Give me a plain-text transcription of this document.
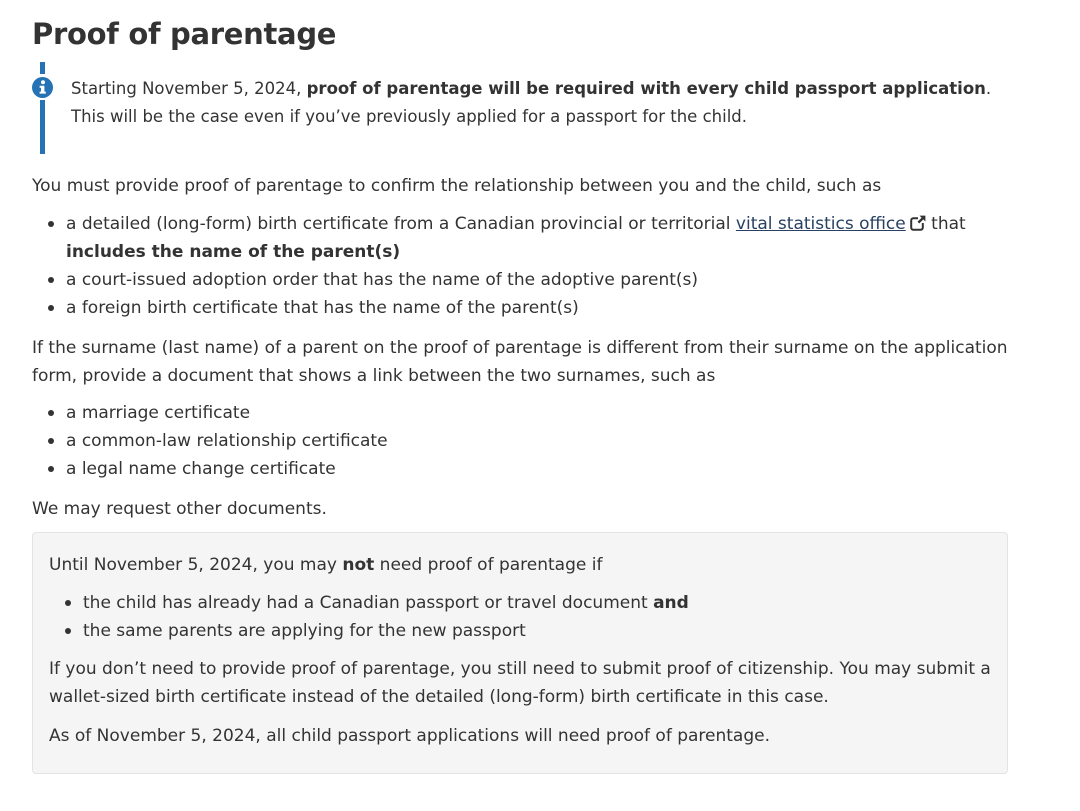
Proof of parentage

Starting November 5, 2024, proof of parentage will be required with every child passport application. This will be the case even if you’ve previously applied for a passport for the child.

You must provide proof of parentage to confirm the relationship between you and the child, such as

a detailed (long-form) birth certificate from a Canadian provincial or territorial vital statistics office that includes the name of the parent(s)
a court-issued adoption order that has the name of the adoptive parent(s)
a foreign birth certificate that has the name of the parent(s)

If the surname (last name) of a parent on the proof of parentage is different from their surname on the application form, provide a document that shows a link between the two surnames, such as

a marriage certificate
a common-law relationship certificate
a legal name change certificate

We may request other documents.

Until November 5, 2024, you may not need proof of parentage if

the child has already had a Canadian passport or travel document and
the same parents are applying for the new passport

If you don’t need to provide proof of parentage, you still need to submit proof of citizenship. You may submit a wallet-sized birth certificate instead of the detailed (long-form) birth certificate in this case.

As of November 5, 2024, all child passport applications will need proof of parentage.
